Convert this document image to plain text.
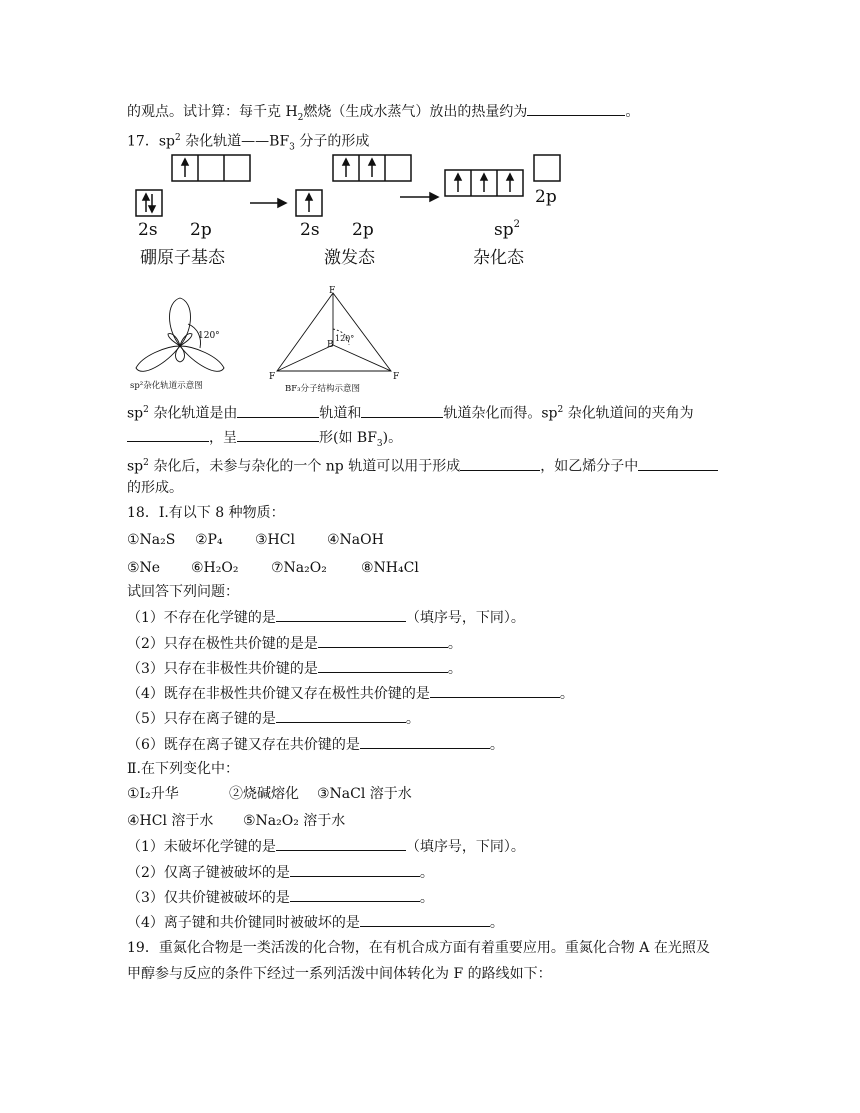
的观点。试计算：每千克 $H_2$燃烧（生成水蒸气）放出的热量约为	。
17．$sp^2$ 杂化轨道$——BF_3$ 分子的形成
2s 2p	2s 2p	$sp^2$
2p
硼原子基态	激发态	杂化态
120°
sp²杂化轨道示意图
F
F	F
B
120°
BF₃分子结构示意图
$sp^2$ 杂化轨道是由	轨道和	轨道杂化而得。$sp^2$ 杂化轨道间的夹角为
，呈	形(如 $BF_3$)。
$sp^2$ 杂化后，未参与杂化的一个 np 轨道可以用于形成	，如乙烯分子中
的形成。
18．Ⅰ.有以下 8 种物质：
①Na₂S ②P₄ ③HCl ④NaOH
⑤Ne ⑥H₂O₂ ⑦Na₂O₂ ⑧NH₄Cl
试回答下列问题：
（1）不存在化学键的是	（填序号，下同）。
（2）只存在极性共价键的是是	。
（3）只存在非极性共价键的是	。
（4）既存在非极性共价键又存在极性共价键的是	。
（5）只存在离子键的是	。
（6）既存在离子键又存在共价键的是	。
Ⅱ.在下列变化中：
①I₂升华	②烧碱熔化 ③NaCl 溶于水
④HCl 溶于水 ⑤Na₂O₂ 溶于水
（1）未破坏化学键的是	（填序号，下同）。
（2）仅离子键被破坏的是	。
（3）仅共价键被破坏的是	。
（4）离子键和共价键同时被破坏的是	。
19．重氮化合物是一类活泼的化合物，在有机合成方面有着重要应用。重氮化合物 A 在光照及
甲醇参与反应的条件下经过一系列活泼中间体转化为 F 的路线如下：
